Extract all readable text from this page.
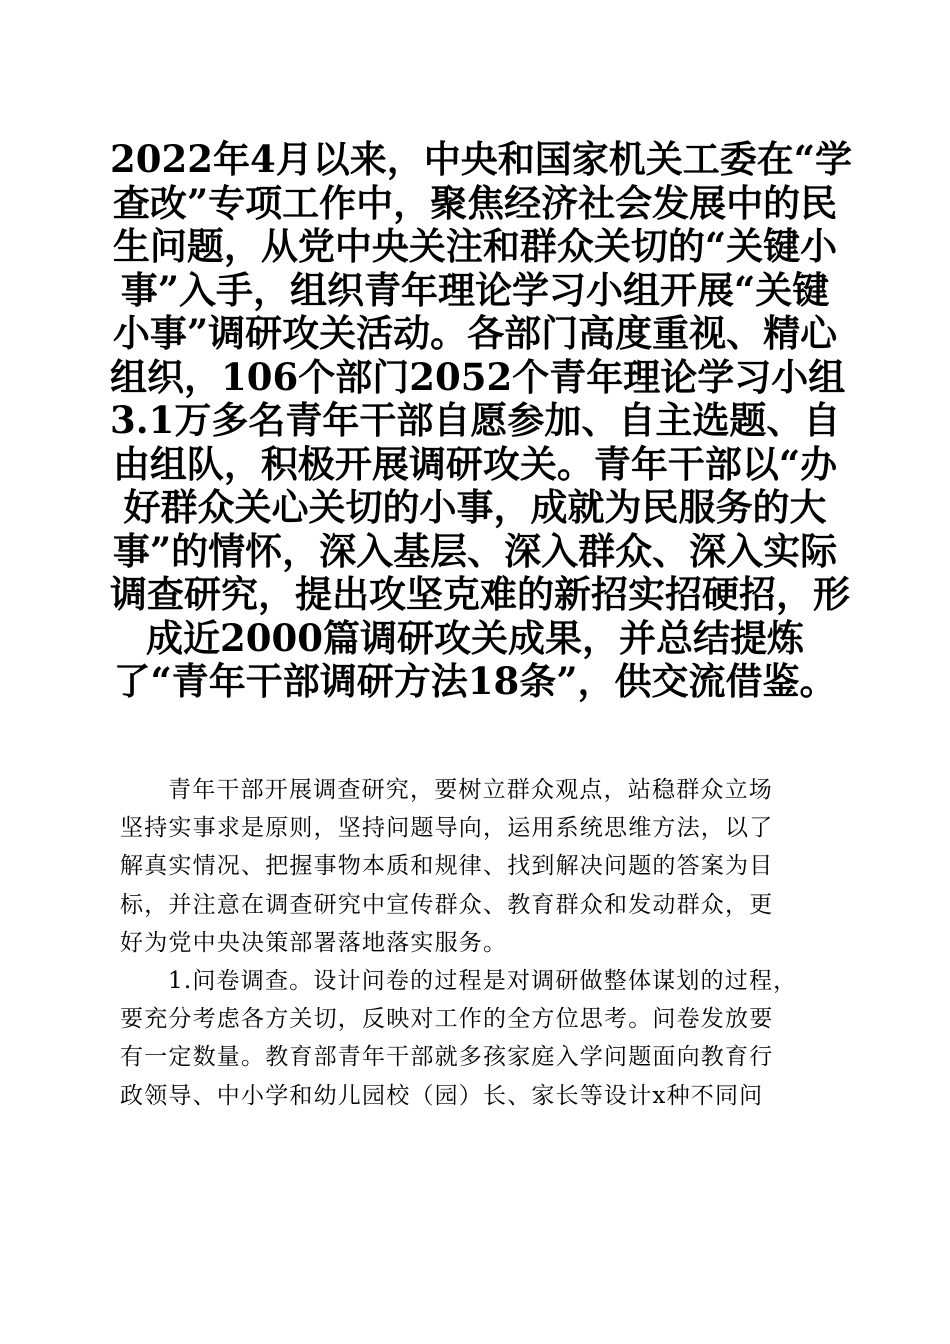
2022年4月以来，中央和国家机关工委在“学
查改”专项工作中，聚焦经济社会发展中的民
生问题，从党中央关注和群众关切的“关键小
事”入手，组织青年理论学习小组开展“关键
小事”调研攻关活动。各部门高度重视、精心
组织，106个部门2052个青年理论学习小组
3.1万多名青年干部自愿参加、自主选题、自
由组队，积极开展调研攻关。青年干部以“办
好群众关心关切的小事，成就为民服务的大
事”的情怀，深入基层、深入群众、深入实际
调查研究，提出攻坚克难的新招实招硬招，形
成近2000篇调研攻关成果，并总结提炼
了“青年干部调研方法18条”，供交流借鉴。
青年干部开展调查研究，要树立群众观点，站稳群众立场
坚持实事求是原则，坚持问题导向，运用系统思维方法，以了
解真实情况、把握事物本质和规律、找到解决问题的答案为目
标，并注意在调查研究中宣传群众、教育群众和发动群众，更
好为党中央决策部署落地落实服务。
1.问卷调查。设计问卷的过程是对调研做整体谋划的过程，
要充分考虑各方关切，反映对工作的全方位思考。问卷发放要
有一定数量。教育部青年干部就多孩家庭入学问题面向教育行
政领导、中小学和幼儿园校（园）长、家长等设计x种不同问
